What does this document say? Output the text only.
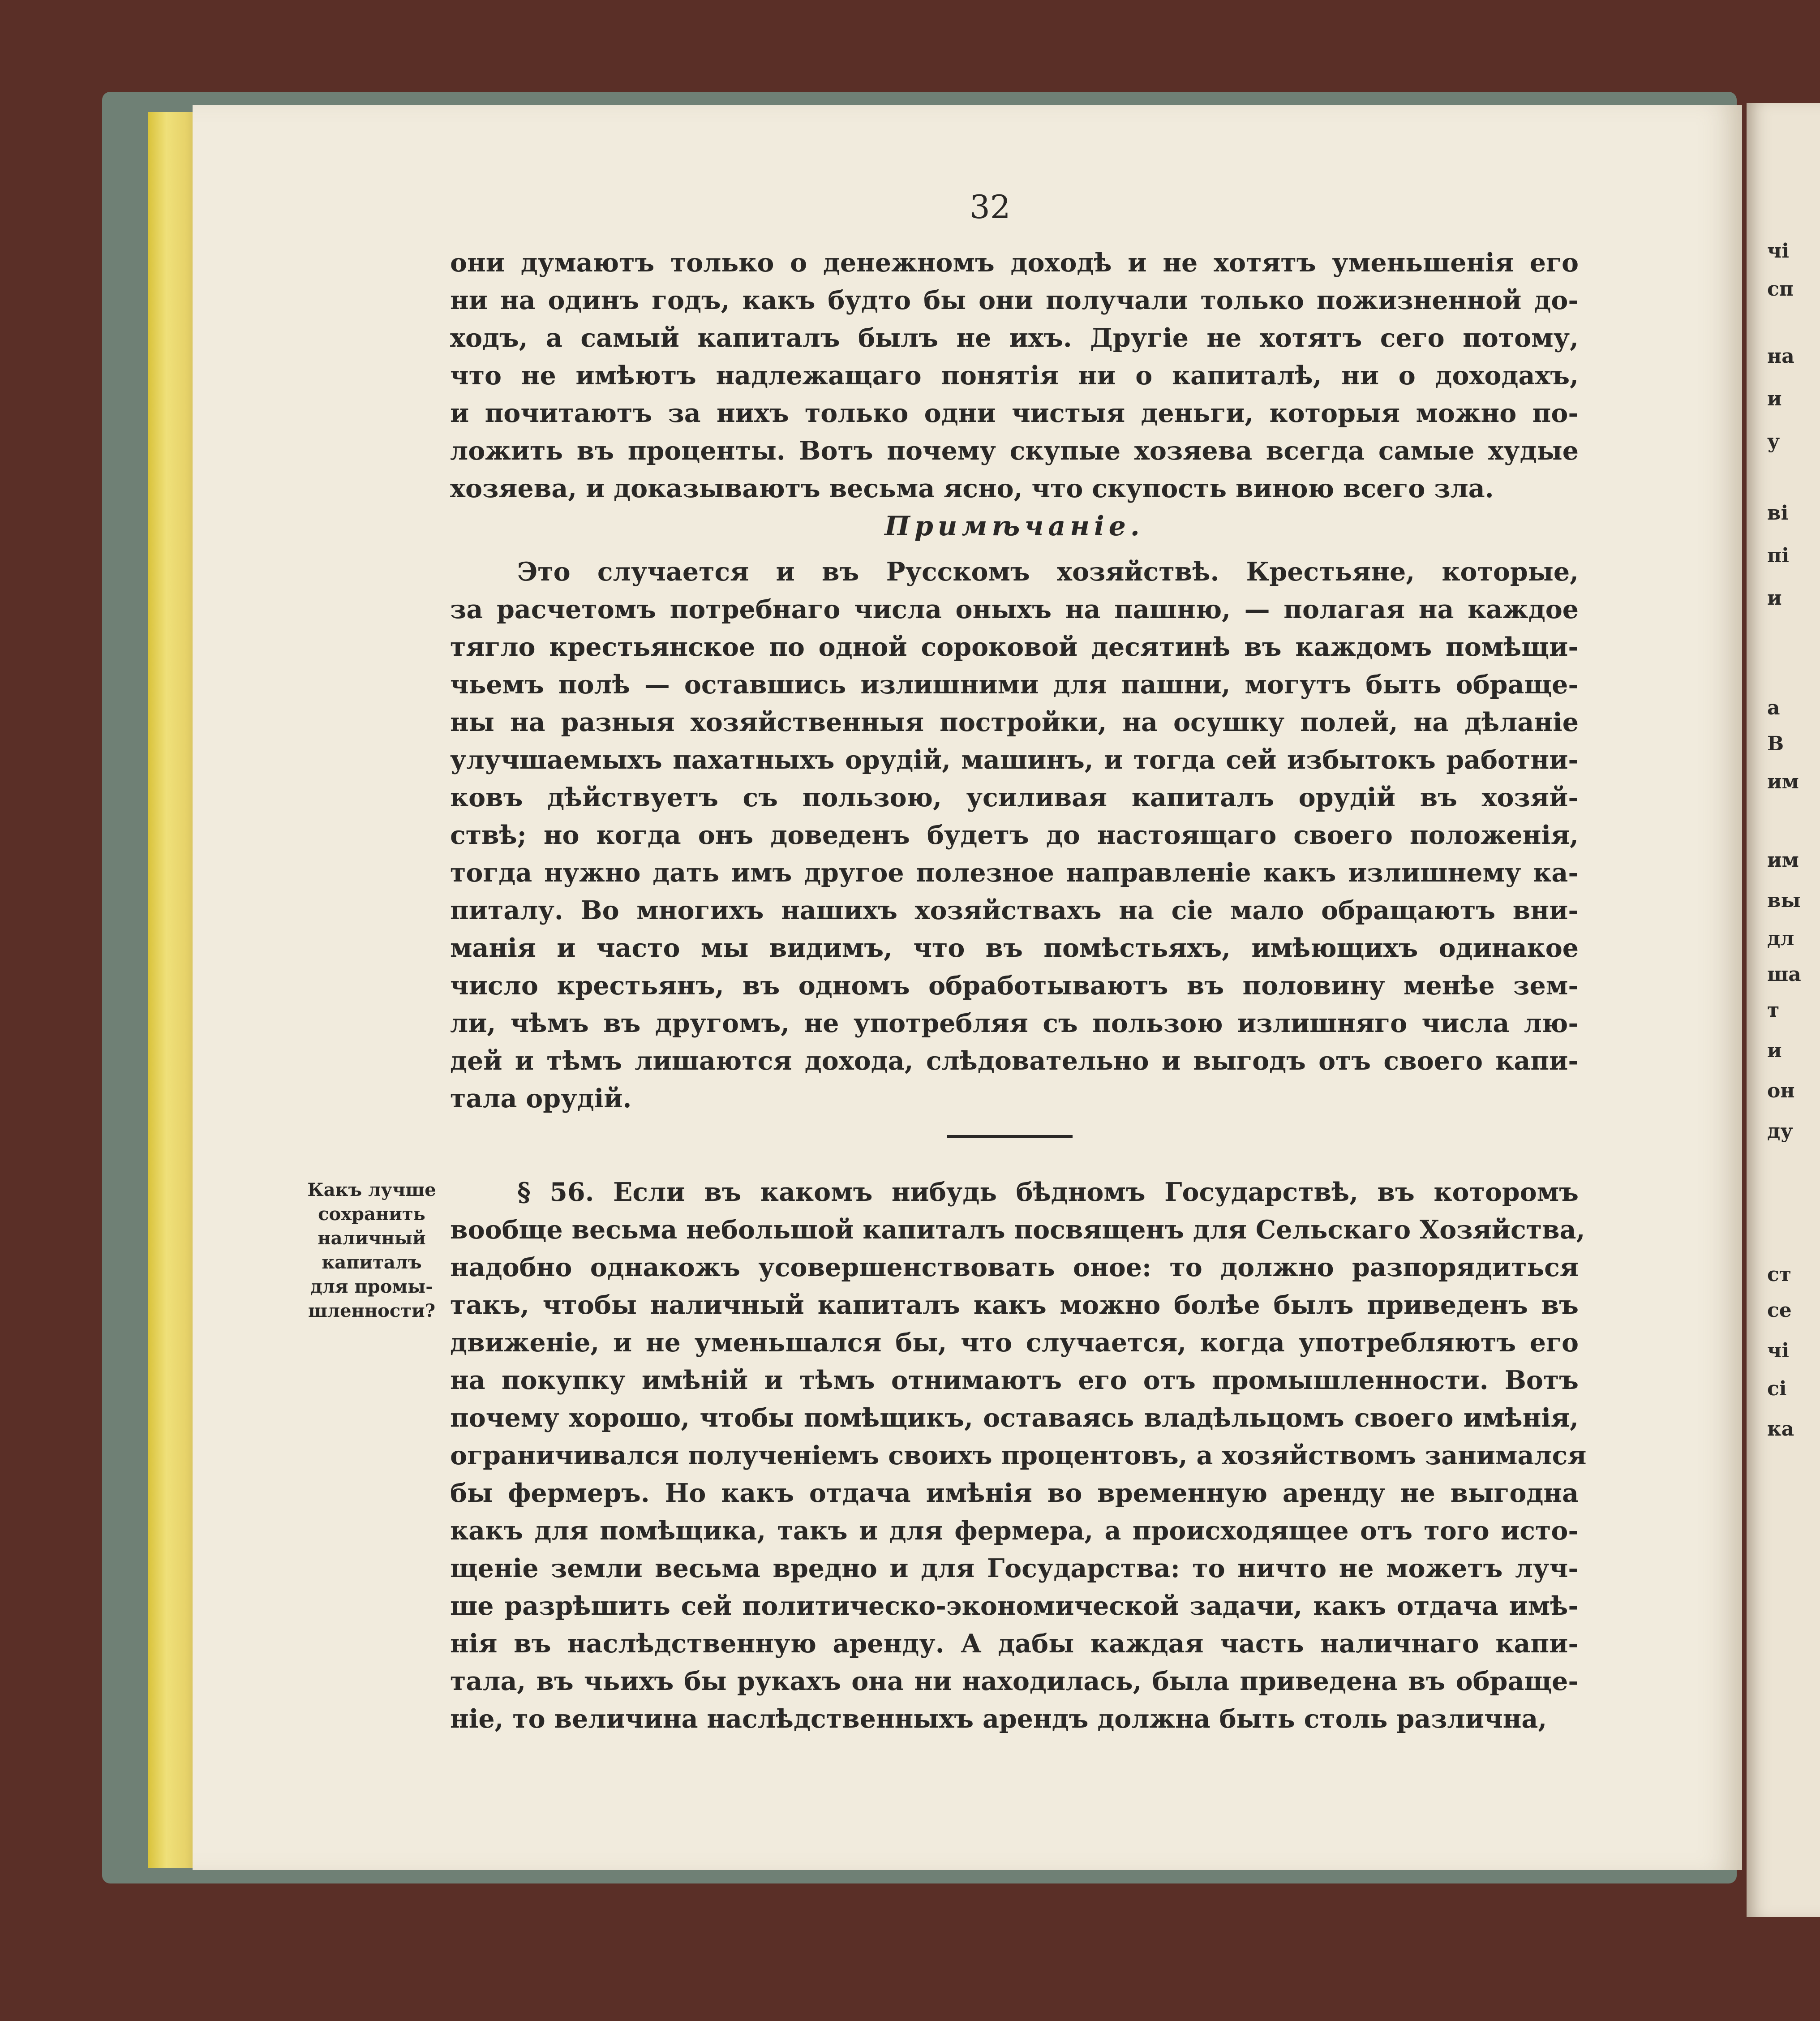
чі
сп
на
и
у
ві
пі
и
а
В
им
им
вы
дл
ша
т
и
он
ду
ст
се
чі
сі
ка
32
они думаютъ только о денежномъ доходѣ и не хотятъ уменьшенія его
ни на одинъ годъ, какъ будто бы они получали только пожизненной до-
ходъ, а самый капиталъ былъ не ихъ. Другіе не хотятъ сего потому,
что не имѣютъ надлежащаго понятія ни о капиталѣ, ни о доходахъ,
и почитаютъ за нихъ только одни чистыя деньги, которыя можно по-
ложить въ проценты. Вотъ почему скупые хозяева всегда самые худые
хозяева, и доказываютъ весьма ясно, что скупость виною всего зла.
Примѣчаніе.
Это случается и въ Русскомъ хозяйствѣ. Крестьяне, которые,
за расчетомъ потребнаго числа оныхъ на пашню, — полагая на каждое
тягло крестьянское по одной сороковой десятинѣ въ каждомъ помѣщи-
чьемъ полѣ — оставшись излишними для пашни, могутъ быть обраще-
ны на разныя хозяйственныя постройки, на осушку полей, на дѣланіе
улучшаемыхъ пахатныхъ орудій, машинъ, и тогда сей избытокъ работни-
ковъ дѣйствуетъ съ пользою, усиливая капиталъ орудій въ хозяй-
ствѣ; но когда онъ доведенъ будетъ до настоящаго своего положенія,
тогда нужно дать имъ другое полезное направленіе какъ излишнему ка-
питалу. Во многихъ нашихъ хозяйствахъ на сіе мало обращаютъ вни-
манія и часто мы видимъ, что въ помѣстьяхъ, имѣющихъ одинакое
число крестьянъ, въ одномъ обработываютъ въ половину менѣе зем-
ли, чѣмъ въ другомъ, не употребляя съ пользою излишняго числа лю-
дей и тѣмъ лишаются дохода, слѣдовательно и выгодъ отъ своего капи-
тала орудій.
Какъ лучше
сохранить
наличный
капиталъ
для промы-
шленности?
§ 56. Если въ какомъ нибудь бѣдномъ Государствѣ, въ которомъ
вообще весьма небольшой капиталъ посвященъ для Сельскаго Хозяйства,
надобно однакожъ усовершенствовать оное: то должно разпорядиться
такъ, чтобы наличный капиталъ какъ можно болѣе былъ приведенъ въ
движеніе, и не уменьшался бы, что случается, когда употребляютъ его
на покупку имѣній и тѣмъ отнимаютъ его отъ промышленности. Вотъ
почему хорошо, чтобы помѣщикъ, оставаясь владѣльцомъ своего имѣнія,
ограничивался полученіемъ своихъ процентовъ, а хозяйствомъ занимался
бы фермеръ. Но какъ отдача имѣнія во временную аренду не выгодна
какъ для помѣщика, такъ и для фермера, а происходящее отъ того исто-
щеніе земли весьма вредно и для Государства: то ничто не можетъ луч-
ше разрѣшить сей политическо-экономической задачи, какъ отдача имѣ-
нія въ наслѣдственную аренду. А дабы каждая часть наличнаго капи-
тала, въ чьихъ бы рукахъ она ни находилась, была приведена въ обраще-
ніе, то величина наслѣдственныхъ арендъ должна быть столь различна,
